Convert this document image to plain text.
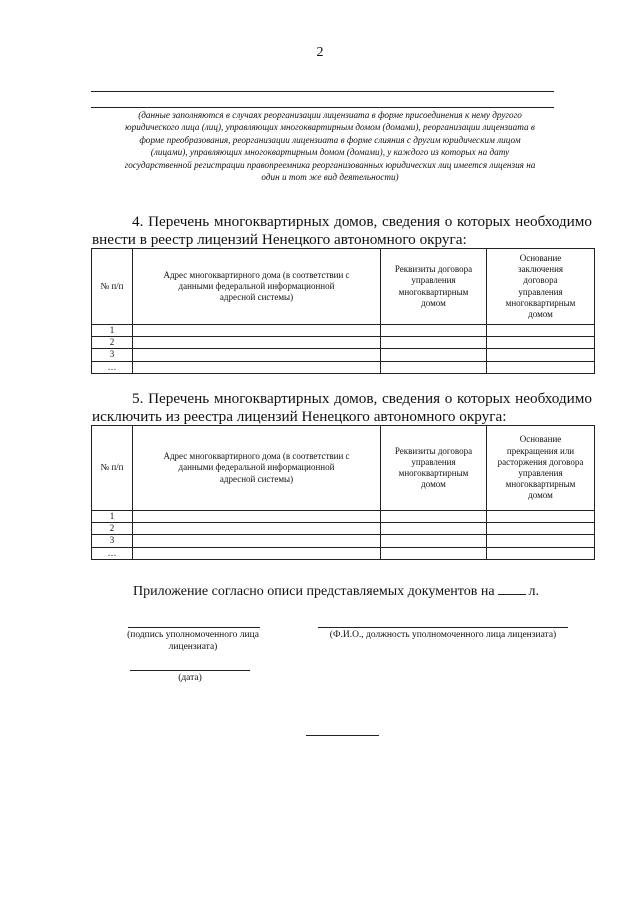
2
(данные заполняются в случаях реорганизации лицензиата в форме присоединения к нему другого юридического лица (лиц), управляющих многоквартирным домом (домами), реорганизации лицензиата в форме преобразования, реорганизации лицензиата в форме слияния с другим юридическим лицом (лицами), управляющих многоквартирным домом (домами), у каждого из которых на дату государственной регистрации правопреемника реорганизованных юридических лиц имеется лицензия на один и тот же вид деятельности)
4. Перечень многоквартирных домов, сведения о которых необходимо
внести в реестр лицензий Ненецкого автономного округа:
№ п/п	Адрес многоквартирного дома (в соответствии с данными федеральной информационной адресной системы)	Реквизиты договора управления многоквартирным домом	Основание заключения договора управления многоквартирным домом
1			
2			
3			
…			
5. Перечень многоквартирных домов, сведения о которых необходимо
исключить из реестра лицензий Ненецкого автономного округа:
№ п/п	Адрес многоквартирного дома (в соответствии с данными федеральной информационной адресной системы)	Реквизиты договора управления многоквартирным домом	Основание прекращения или расторжения договора управления многоквартирным домом
1			
2			
3			
…			
Приложение согласно описи представляемых документов на л.
(подпись уполномоченного лица лицензиата)
(Ф.И.О., должность уполномоченного лица лицензиата)
(дата)
